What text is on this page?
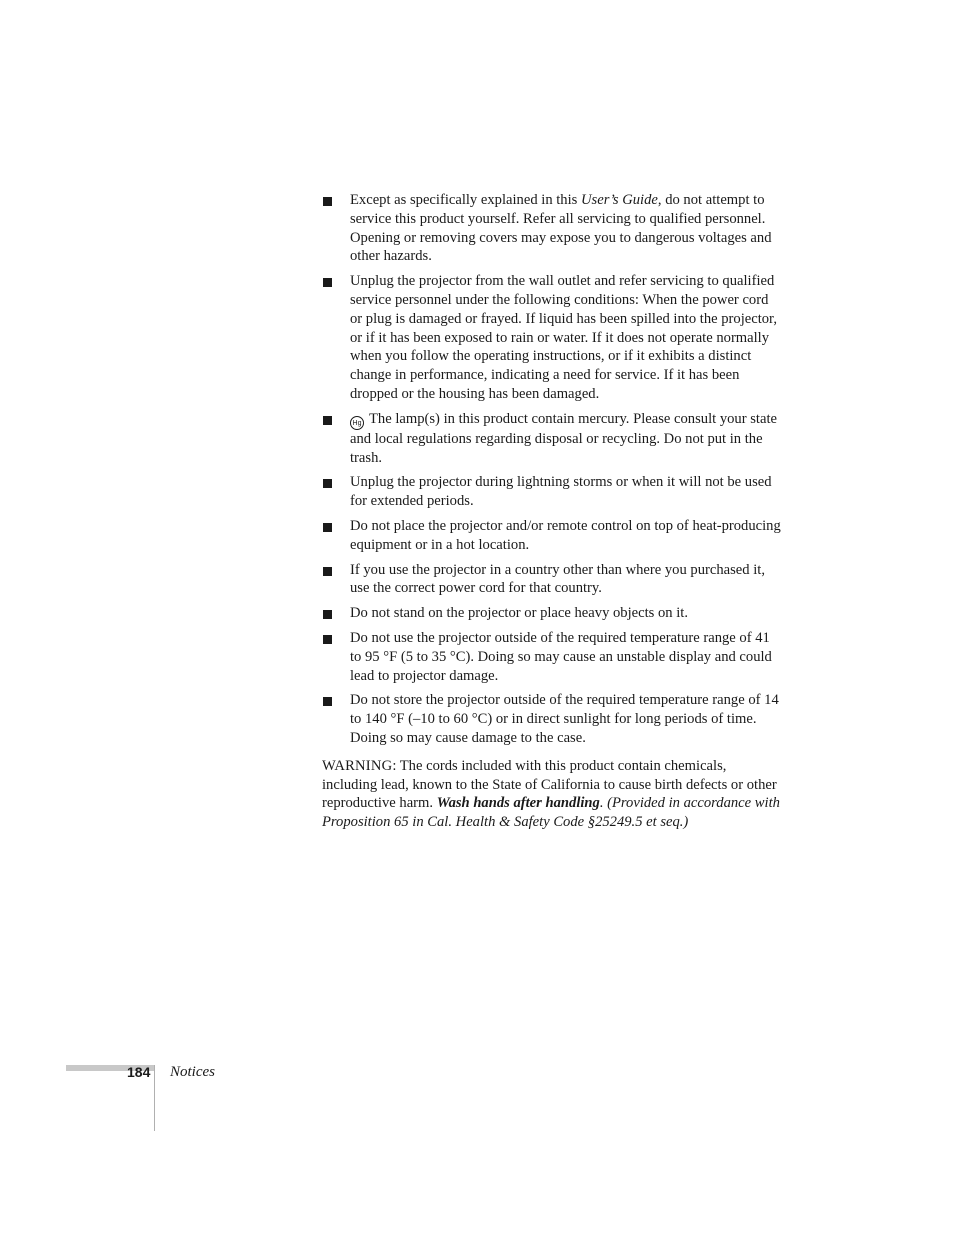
Except as specifically explained in this User’s Guide, do not attempt to service this product yourself. Refer all servicing to qualified personnel. Opening or removing covers may expose you to dangerous voltages and other hazards.
Unplug the projector from the wall outlet and refer servicing to qualified service personnel under the following conditions: When the power cord or plug is damaged or frayed. If liquid has been spilled into the projector, or if it has been exposed to rain or water. If it does not operate normally when you follow the operating instructions, or if it exhibits a distinct change in performance, indicating a need for service. If it has been dropped or the housing has been damaged.
Hg The lamp(s) in this product contain mercury. Please consult your state and local regulations regarding disposal or recycling. Do not put in the trash.
Unplug the projector during lightning storms or when it will not be used for extended periods.
Do not place the projector and/or remote control on top of heat-producing equipment or in a hot location.
If you use the projector in a country other than where you purchased it, use the correct power cord for that country.
Do not stand on the projector or place heavy objects on it.
Do not use the projector outside of the required temperature range of 41 to 95 °F (5 to 35 °C). Doing so may cause an unstable display and could lead to projector damage.
Do not store the projector outside of the required temperature range of 14 to 140 °F (–10 to 60 °C) or in direct sunlight for long periods of time. Doing so may cause damage to the case.

WARNING: The cords included with this product contain chemicals, including lead, known to the State of California to cause birth defects or other reproductive harm. Wash hands after handling. (Provided in accordance with Proposition 65 in Cal. Health & Safety Code §25249.5 et seq.)

184 Notices
